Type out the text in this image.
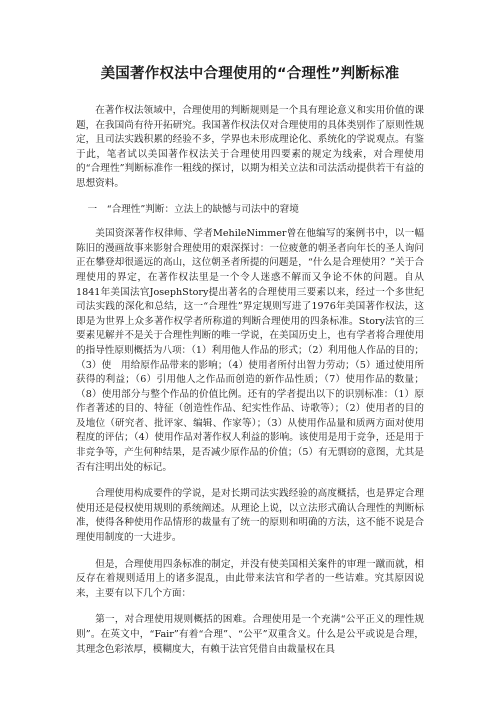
美国著作权法中合理使用的“合理性”判断标准

在著作权法领域中，合理使用的判断规则是一个具有理论意义和实用价值的课题，在我国尚有待开拓研究。我国著作权法仅对合理使用的具体类别作了原则性规定，且司法实践积累的经验不多，学界也未形成理论化、系统化的学说观点。有鉴于此，笔者试以美国著作权法关于合理使用四要素的规定为线索，对合理使用的“合理性”判断标准作一粗线的探讨，以期为相关立法和司法活动提供若干有益的思想资料。

一　“合理性”判断：立法上的缺憾与司法中的窘境

美国资深著作权律师、学者MehileNimmer曾在他编写的案例书中，以一幅陈旧的漫画故事来影射合理使用的艰深探讨：一位疲惫的朝圣者向年长的圣人询问正在攀登却很遥远的高山，这位朝圣者所提的问题是，“什么是合理使用？”关于合理使用的界定，在著作权法里是一个令人迷惑不解而又争论不休的问题。自从1841年美国法官JosephStory提出著名的合理使用三要素以来，经过一个多世纪司法实践的深化和总结，这一“合理性”界定规则写进了1976年美国著作权法，这即是为世界上众多著作权学者所称道的判断合理使用的四条标准。Story法官的三要素见解并不是关于合理性判断的唯一学说，在美国历史上，也有学者将合理使用的指导性原则概括为八项：（1）利用他人作品的形式；（2）利用他人作品的目的；（3）使　用给原作品带来的影响；（4）使用者所付出智力劳动；（5）通过使用所获得的利益；（6）引用他人之作品而创造的新作品性质；（7）使用作品的数量；（8）使用部分与整个作品的价值比例。还有的学者提出以下的识别标准：（1）原作者著述的目的、特征（创造性作品、纪实性作品、诗歌等）；（2）使用者的目的及地位（研究者、批评家、编辑、作家等）；（3）从使用作品量和质两方面对使用程度的评估；（4）使用作品对著作权人利益的影响。该使用是用于竞争，还是用于非竞争等，产生何种结果，是否减少原作品的价值；（5）有无剽窃的意图，尤其是否有注明出处的标记。

合理使用构成要件的学说，是对长期司法实践经验的高度概括，也是界定合理使用还是侵权使用规则的系统阐述。从理论上说，以立法形式确认合理性的判断标准，使得各种使用作品情形的裁量有了统一的原则和明确的方法，这不能不说是合理使用制度的一大进步。

但是，合理使用四条标准的制定，并没有使美国相关案件的审理一蹴而就，相反存在着规则适用上的诸多混乱，由此带来法官和学者的一些诘难。究其原因说来，主要有以下几个方面：

第一，对合理使用规则概括的困难。合理使用是一个充满“公平正义的理性规则”。在英文中，“Fair”有着“合理”、“公平”双重含义。什么是公平或说是合理，其理念色彩浓厚，模糊度大，有赖于法官凭借自由裁量权在具
